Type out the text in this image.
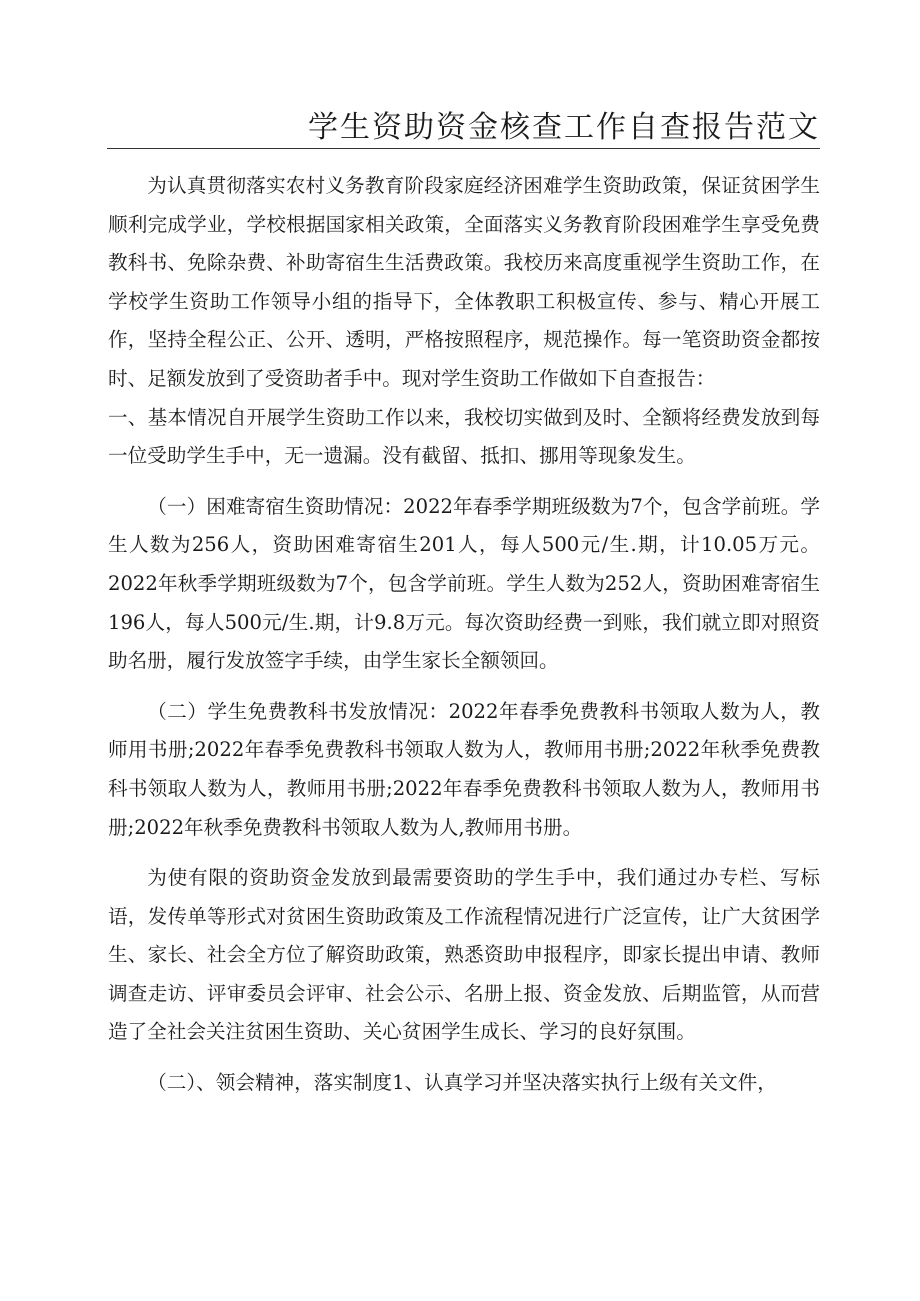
学生资助资金核查工作自查报告范文

为认真贯彻落实农村义务教育阶段家庭经济困难学生资助政策，保证贫困学生顺利完成学业，学校根据国家相关政策，全面落实义务教育阶段困难学生享受免费教科书、免除杂费、补助寄宿生生活费政策。我校历来高度重视学生资助工作，在学校学生资助工作领导小组的指导下，全体教职工积极宣传、参与、精心开展工作，坚持全程公正、公开、透明，严格按照程序，规范操作。每一笔资助资金都按时、足额发放到了受资助者手中。现对学生资助工作做如下自查报告：

一、基本情况自开展学生资助工作以来，我校切实做到及时、全额将经费发放到每一位受助学生手中，无一遗漏。没有截留、抵扣、挪用等现象发生。

（一）困难寄宿生资助情况：2022年春季学期班级数为7个，包含学前班。学生人数为256人，资助困难寄宿生201人，每人500元/生.期，计10.05万元。2022年秋季学期班级数为7个，包含学前班。学生人数为252人，资助困难寄宿生196人，每人500元/生.期，计9.8万元。每次资助经费一到账，我们就立即对照资助名册，履行发放签字手续，由学生家长全额领回。

（二）学生免费教科书发放情况：2022年春季免费教科书领取人数为人，教师用书册;2022年春季免费教科书领取人数为人，教师用书册;2022年秋季免费教科书领取人数为人，教师用书册;2022年春季免费教科书领取人数为人，教师用书册;2022年秋季免费教科书领取人数为人,教师用书册。

为使有限的资助资金发放到最需要资助的学生手中，我们通过办专栏、写标语，发传单等形式对贫困生资助政策及工作流程情况进行广泛宣传，让广大贫困学生、家长、社会全方位了解资助政策，熟悉资助申报程序，即家长提出申请、教师调查走访、评审委员会评审、社会公示、名册上报、资金发放、后期监管，从而营造了全社会关注贫困生资助、关心贫困学生成长、学习的良好氛围。

（二）、领会精神，落实制度1、认真学习并坚决落实执行上级有关文件，
